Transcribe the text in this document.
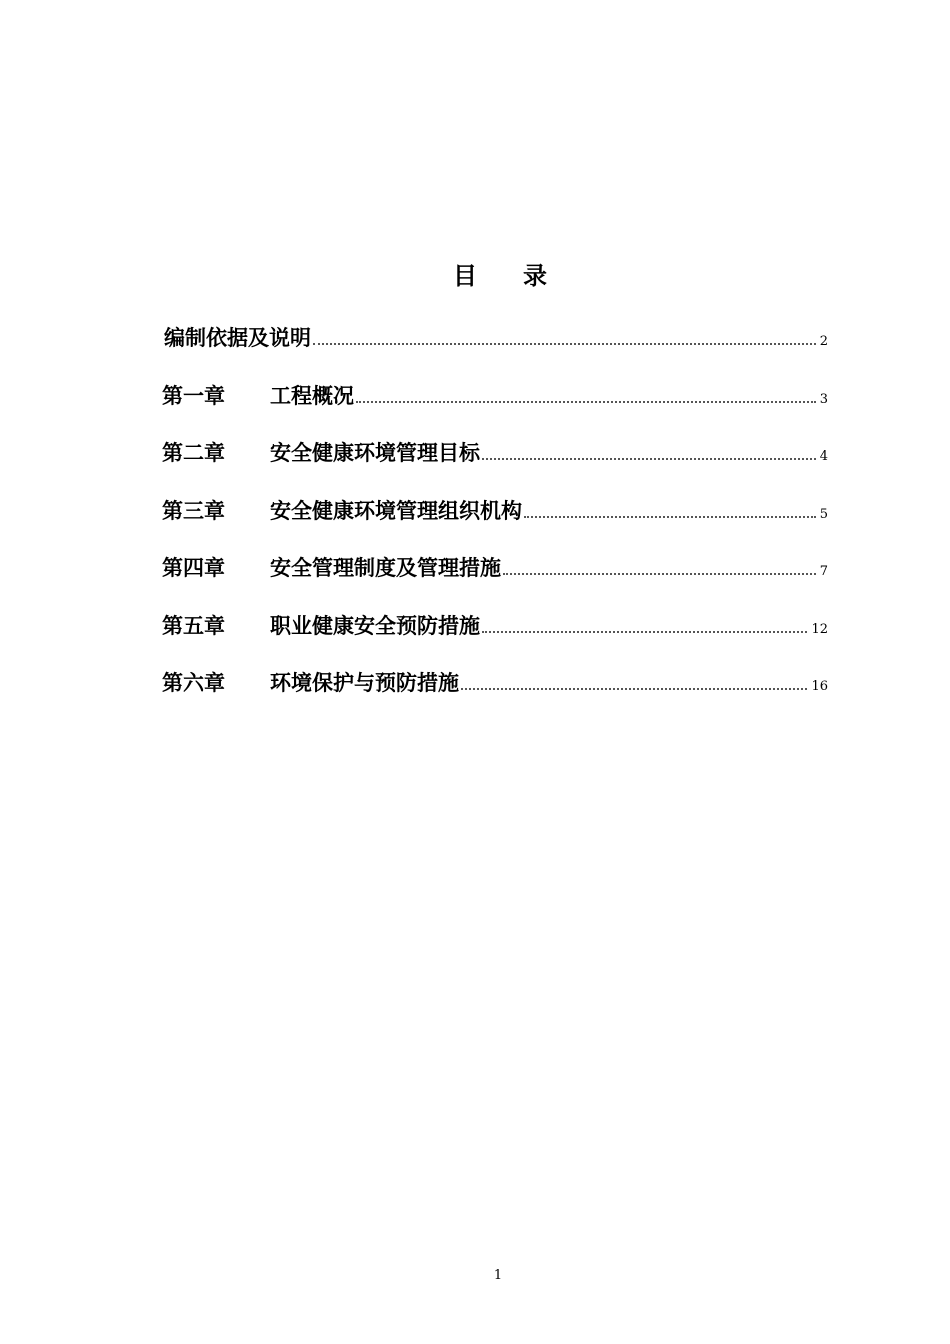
目 录
编制依据及说明	2
第一章	工程概况	3
第二章	安全健康环境管理目标	4
第三章	安全健康环境管理组织机构	5
第四章	安全管理制度及管理措施	7
第五章	职业健康安全预防措施	12
第六章	环境保护与预防措施	16
1
